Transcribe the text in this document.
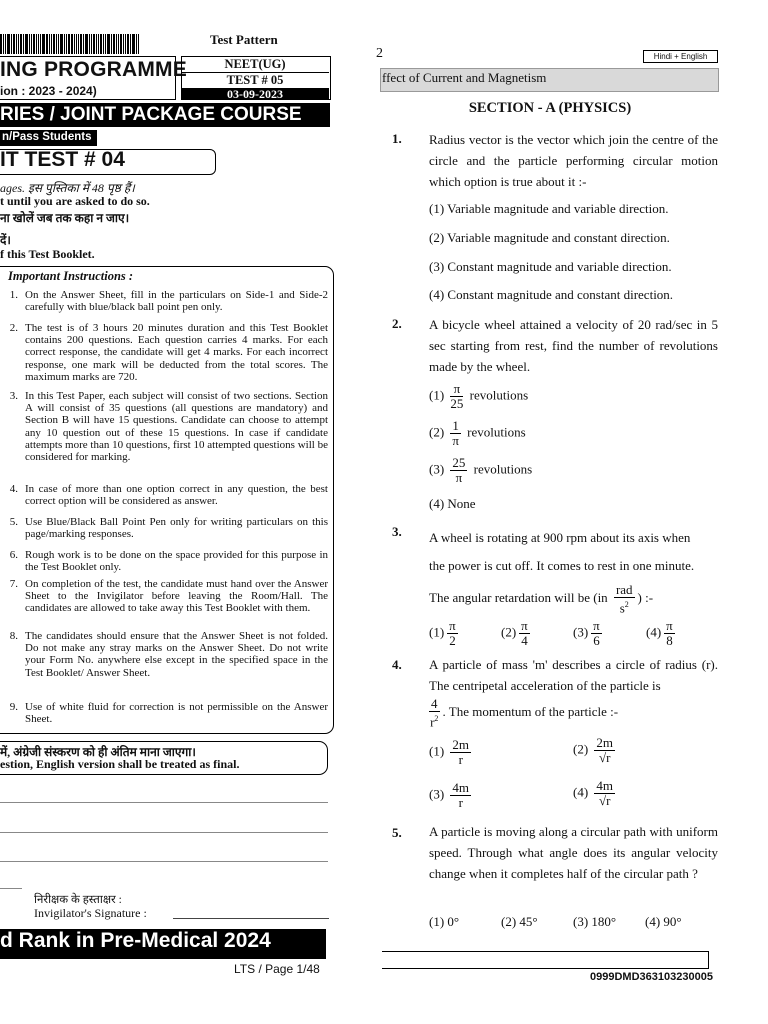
Test Pattern
ING PROGRAMME
ion : 2023 - 2024)
NEET(UG)
TEST # 05
03-09-2023
RIES / JOINT PACKAGE COURSE
n/Pass Students
IT TEST # 04
ages. इस पुस्तिका में 48 पृष्ठ हैं।
t until you are asked to do so.
ना खोलें जब तक कहा न जाए।
दें।
f this Test Booklet.
Important Instructions :
1. On the Answer Sheet, fill in the particulars on Side-1 and Side-2 carefully with blue/black ball point pen only.
2. The test is of 3 hours 20 minutes duration and this Test Booklet contains 200 questions. Each question carries 4 marks. For each correct response, the candidate will get 4 marks. For each incorrect response, one mark will be deducted from the total scores. The maximum marks are 720.
3. In this Test Paper, each subject will consist of two sections. Section A will consist of 35 questions (all questions are mandatory) and Section B will have 15 questions. Candidate can choose to attempt any 10 question out of these 15 questions. In case if candidate attempts more than 10 questions, first 10 attempted questions will be considered for marking.
4. In case of more than one option correct in any question, the best correct option will be considered as answer.
5. Use Blue/Black Ball Point Pen only for writing particulars on this page/marking responses.
6. Rough work is to be done on the space provided for this purpose in the Test Booklet only.
7. On completion of the test, the candidate must hand over the Answer Sheet to the Invigilator before leaving the Room/Hall. The candidates are allowed to take away this Test Booklet with them.
8. The candidates should ensure that the Answer Sheet is not folded. Do not make any stray marks on the Answer Sheet. Do not write your Form No. anywhere else except in the specified space in the Test Booklet/ Answer Sheet.
9. Use of white fluid for correction is not permissible on the Answer Sheet.
में, अंग्रेजी संस्करण को ही अंतिम माना जाएगा।
estion, English version shall be treated as final.
निरीक्षक के हस्ताक्षर :
Invigilator's Signature :
d Rank in Pre-Medical 2024
LTS / Page 1/48
2	Hindi + English
ffect of Current and Magnetism
SECTION - A (PHYSICS)
1. Radius vector is the vector which join the centre of the circle and the particle performing circular motion which option is true about it :-
(1) Variable magnitude and variable direction.
(2) Variable magnitude and constant direction.
(3) Constant magnitude and variable direction.
(4) Constant magnitude and constant direction.
2. A bicycle wheel attained a velocity of 20 rad/sec in 5 sec starting from rest, find the number of revolutions made by the wheel.
$(1) \frac{\pi}{25}$ revolutions
$(2) \frac{1}{\pi}$ revolutions
$(3) \frac{25}{\pi}$ revolutions
(4) None
3. A wheel is rotating at 900 rpm about its axis when
the power is cut off. It comes to rest in one minute.
The angular retardation will be ($in \frac{\text{rad}}{s^2}$ ) :-
$(1) \frac{\pi}{2}$	$(2) \frac{\pi}{4}$	$(3) \frac{\pi}{6}$	$(4) \frac{\pi}{8}$
4. A particle of mass 'm' describes a circle of radius (r). The centripetal acceleration of the particle is
$\frac{4}{r^2}$ . The momentum of the particle :-
$(1) \frac{2m}{r}$	$(2) \frac{2m}{√r}$
$(3) \frac{4m}{r}$	$(4) \frac{4m}{√r}$
5. A particle is moving along a circular path with uniform speed. Through what angle does its angular velocity change when it completes half of the circular path ?
(1) 0°	(2) 45°	(3) 180° (4) 90°
0999DMD363103230005
